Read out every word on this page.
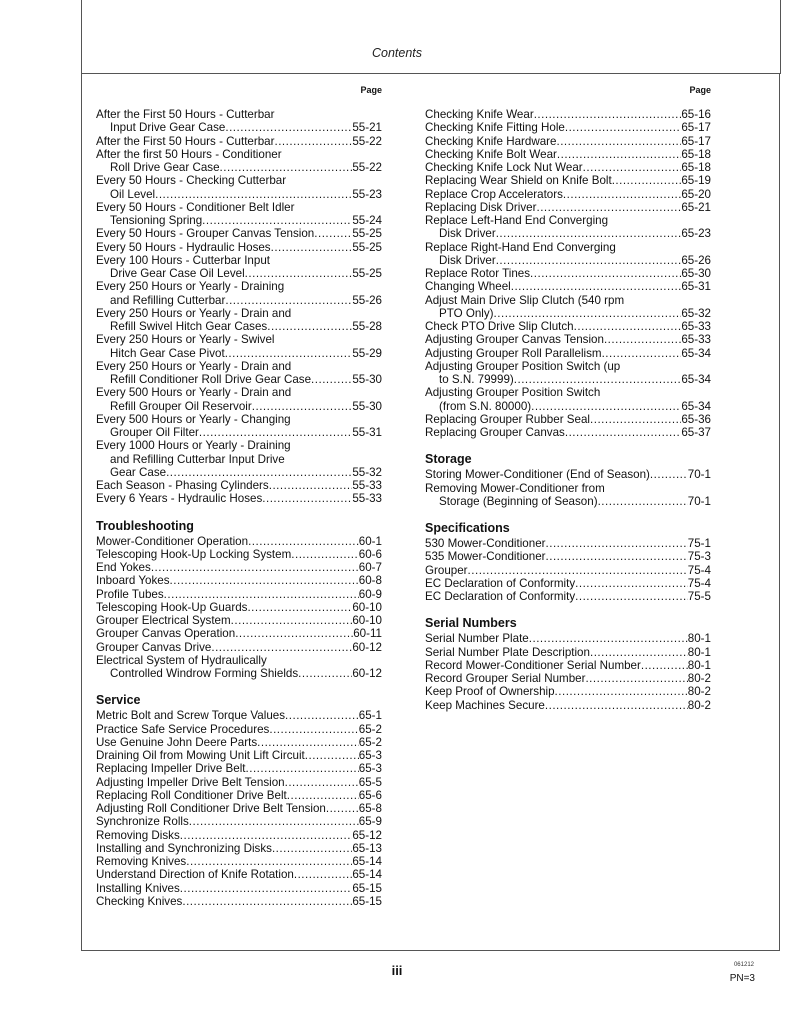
Contents
Page
After the First 50 Hours - Cutterbar
Input Drive Gear Case .....	55-21
After the First 50 Hours - Cutterbar .....	55-22
After the first 50 Hours - Conditioner
Roll Drive Gear Case .....	55-22
Every 50 Hours - Checking Cutterbar
Oil Level .....	55-23
Every 50 Hours - Conditioner Belt Idler
Tensioning Spring .....	55-24
Every 50 Hours - Grouper Canvas Tension .....	55-25
Every 50 Hours - Hydraulic Hoses .....	55-25
Every 100 Hours - Cutterbar Input
Drive Gear Case Oil Level .....	55-25
Every 250 Hours or Yearly - Draining
and Refilling Cutterbar .....	55-26
Every 250 Hours or Yearly - Drain and
Refill Swivel Hitch Gear Cases .....	55-28
Every 250 Hours or Yearly - Swivel
Hitch Gear Case Pivot .....	55-29
Every 250 Hours or Yearly - Drain and
Refill Conditioner Roll Drive Gear Case .....	55-30
Every 500 Hours or Yearly - Drain and
Refill Grouper Oil Reservoir .....	55-30
Every 500 Hours or Yearly - Changing
Grouper Oil Filter .....	55-31
Every 1000 Hours or Yearly - Draining
and Refilling Cutterbar Input Drive
Gear Case .....	55-32
Each Season - Phasing Cylinders .....	55-33
Every 6 Years - Hydraulic Hoses .....	55-33
Troubleshooting
Mower-Conditioner Operation .....	60-1
Telescoping Hook-Up Locking System .....	60-6
End Yokes .....	60-7
Inboard Yokes .....	60-8
Profile Tubes .....	60-9
Telescoping Hook-Up Guards .....	60-10
Grouper Electrical System .....	60-10
Grouper Canvas Operation .....	60-11
Grouper Canvas Drive .....	60-12
Electrical System of Hydraulically
Controlled Windrow Forming Shields .....	60-12
Service
Metric Bolt and Screw Torque Values .....	65-1
Practice Safe Service Procedures .....	65-2
Use Genuine John Deere Parts .....	65-2
Draining Oil from Mowing Unit Lift Circuit .....	65-3
Replacing Impeller Drive Belt .....	65-3
Adjusting Impeller Drive Belt Tension .....	65-5
Replacing Roll Conditioner Drive Belt .....	65-6
Adjusting Roll Conditioner Drive Belt Tension .....	65-8
Synchronize Rolls .....	65-9
Removing Disks .....	65-12
Installing and Synchronizing Disks .....	65-13
Removing Knives .....	65-14
Understand Direction of Knife Rotation .....	65-14
Installing Knives .....	65-15
Checking Knives .....	65-15
Page
Checking Knife Wear .....	65-16
Checking Knife Fitting Hole .....	65-17
Checking Knife Hardware .....	65-17
Checking Knife Bolt Wear .....	65-18
Checking Knife Lock Nut Wear .....	65-18
Replacing Wear Shield on Knife Bolt .....	65-19
Replace Crop Accelerators .....	65-20
Replacing Disk Driver .....	65-21
Replace Left-Hand End Converging
Disk Driver .....	65-23
Replace Right-Hand End Converging
Disk Driver .....	65-26
Replace Rotor Tines .....	65-30
Changing Wheel .....	65-31
Adjust Main Drive Slip Clutch (540 rpm
PTO Only) .....	65-32
Check PTO Drive Slip Clutch .....	65-33
Adjusting Grouper Canvas Tension .....	65-33
Adjusting Grouper Roll Parallelism .....	65-34
Adjusting Grouper Position Switch (up
to S.N. 79999) .....	65-34
Adjusting Grouper Position Switch
(from S.N. 80000) .....	65-34
Replacing Grouper Rubber Seal .....	65-36
Replacing Grouper Canvas .....	65-37
Storage
Storing Mower-Conditioner (End of Season) .....	70-1
Removing Mower-Conditioner from
Storage (Beginning of Season) .....	70-1
Specifications
530 Mower-Conditioner .....	75-1
535 Mower-Conditioner .....	75-3
Grouper .....	75-4
EC Declaration of Conformity .....	75-4
EC Declaration of Conformity .....	75-5
Serial Numbers
Serial Number Plate .....	80-1
Serial Number Plate Description .....	80-1
Record Mower-Conditioner Serial Number .....	80-1
Record Grouper Serial Number .....	80-2
Keep Proof of Ownership .....	80-2
Keep Machines Secure .....	80-2
iii	061212
PN=3
